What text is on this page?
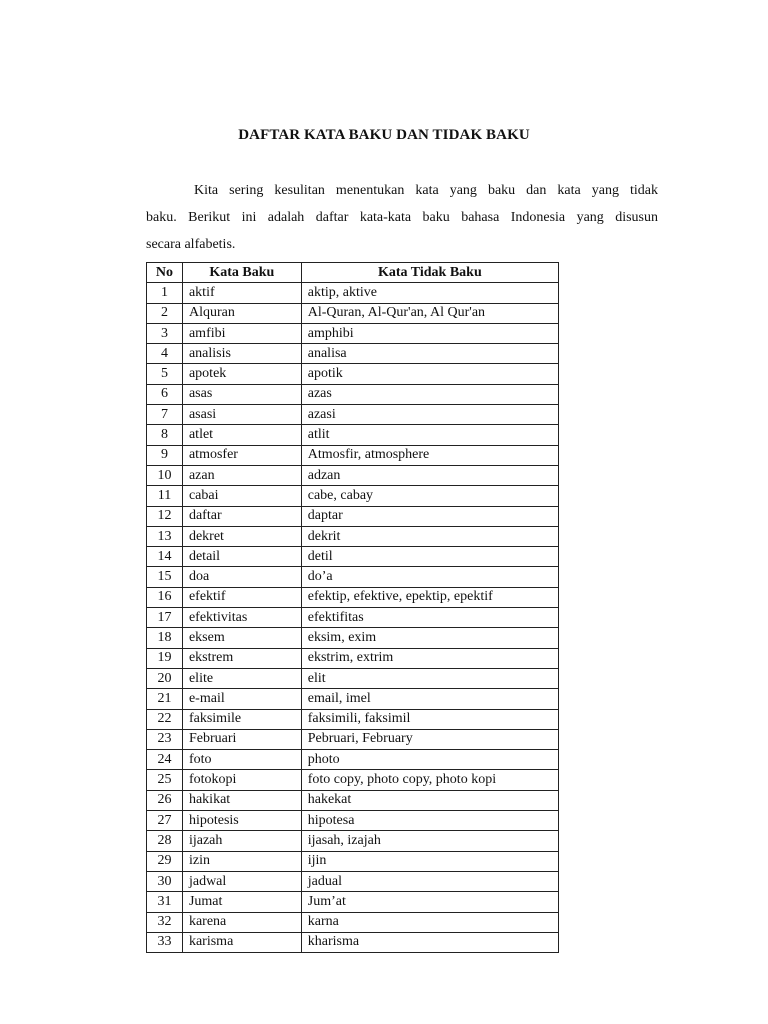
DAFTAR KATA BAKU DAN TIDAK BAKU

Kita sering kesulitan menentukan kata yang baku dan kata yang tidak
baku. Berikut ini adalah daftar kata-kata baku bahasa Indonesia yang disusun
secara alfabetis.

No	Kata Baku	Kata Tidak Baku
1	aktif	aktip, aktive
2	Alquran	Al-Quran, Al-Qur'an, Al Qur'an
3	amfibi	amphibi
4	analisis	analisa
5	apotek	apotik
6	asas	azas
7	asasi	azasi
8	atlet	atlit
9	atmosfer	Atmosfir, atmosphere
10	azan	adzan
11	cabai	cabe, cabay
12	daftar	daptar
13	dekret	dekrit
14	detail	detil
15	doa	do’a
16	efektif	efektip, efektive, epektip, epektif
17	efektivitas	efektifitas
18	eksem	eksim, exim
19	ekstrem	ekstrim, extrim
20	elite	elit
21	e-mail	email, imel
22	faksimile	faksimili, faksimil
23	Februari	Pebruari, February
24	foto	photo
25	fotokopi	foto copy, photo copy, photo kopi
26	hakikat	hakekat
27	hipotesis	hipotesa
28	ijazah	ijasah, izajah
29	izin	ijin
30	jadwal	jadual
31	Jumat	Jum’at
32	karena	karna
33	karisma	kharisma
